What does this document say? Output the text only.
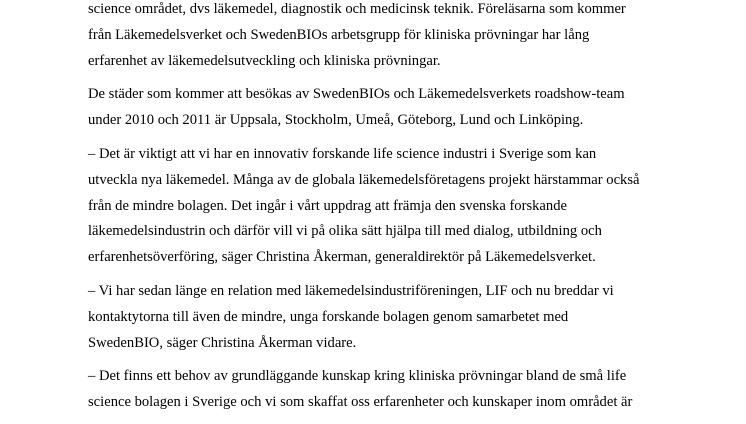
science området, dvs läkemedel, diagnostik och medicinsk teknik. Föreläsarna som kommer
från Läkemedelsverket och SwedenBIOs arbetsgrupp för kliniska prövningar har lång
erfarenhet av läkemedelsutveckling och kliniska prövningar.
De städer som kommer att besökas av SwedenBIOs och Läkemedelsverkets roadshow-team
under 2010 och 2011 är Uppsala, Stockholm, Umeå, Göteborg, Lund och Linköping.
– Det är viktigt att vi har en innovativ forskande life science industri i Sverige som kan
utveckla nya läkemedel. Många av de globala läkemedelsföretagens projekt härstammar också
från de mindre bolagen. Det ingår i vårt uppdrag att främja den svenska forskande
läkemedelsindustrin och därför vill vi på olika sätt hjälpa till med dialog, utbildning och
erfarenhetsöverföring, säger Christina Åkerman, generaldirektör på Läkemedelsverket.
– Vi har sedan länge en relation med läkemedelsindustriföreningen, LIF och nu breddar vi
kontaktytorna till även de mindre, unga forskande bolagen genom samarbetet med
SwedenBIO, säger Christina Åkerman vidare.
– Det finns ett behov av grundläggande kunskap kring kliniska prövningar bland de små life
science bolagen i Sverige och vi som skaffat oss erfarenheter och kunskaper inom området är
